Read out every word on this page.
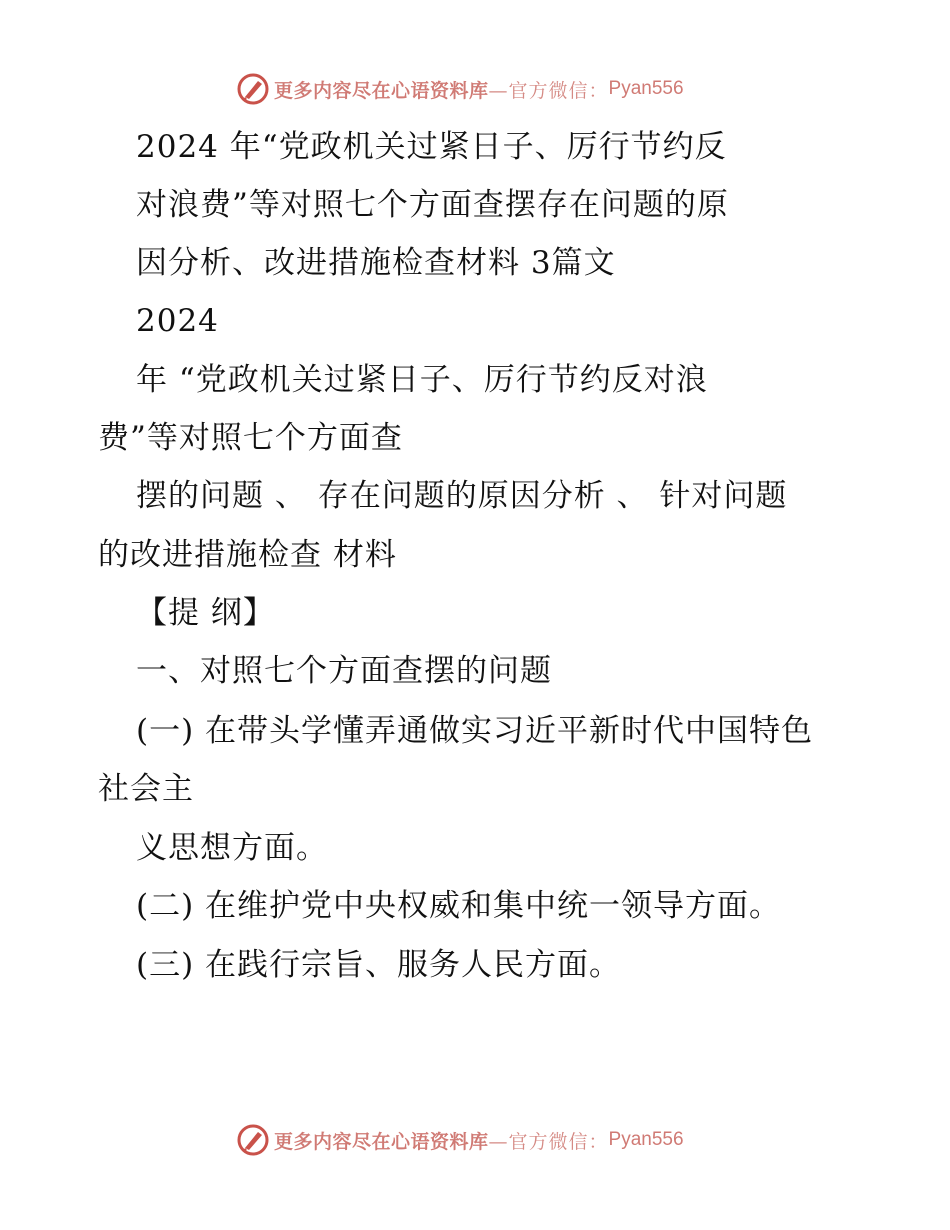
更多内容尽在心语资料库 —官方微信： Pyan556
2024 年“党政机关过紧日子、厉行节约反
对浪费”等对照七个方面查摆存在问题的原
因分析、改进措施检查材料 3篇文
2024
年 “党政机关过紧日子、厉行节约反对浪
费”等对照七个方面查
摆的问题 、 存在问题的原因分析 、 针对问题
的改进措施检查 材料
【提 纲】
一、对照七个方面查摆的问题
(一) 在带头学懂弄通做实习近平新时代中国特色
社会主
义思想方面。
(二) 在维护党中央权威和集中统一领导方面。
(三) 在践行宗旨、服务人民方面。
更多内容尽在心语资料库 —官方微信： Pyan556
